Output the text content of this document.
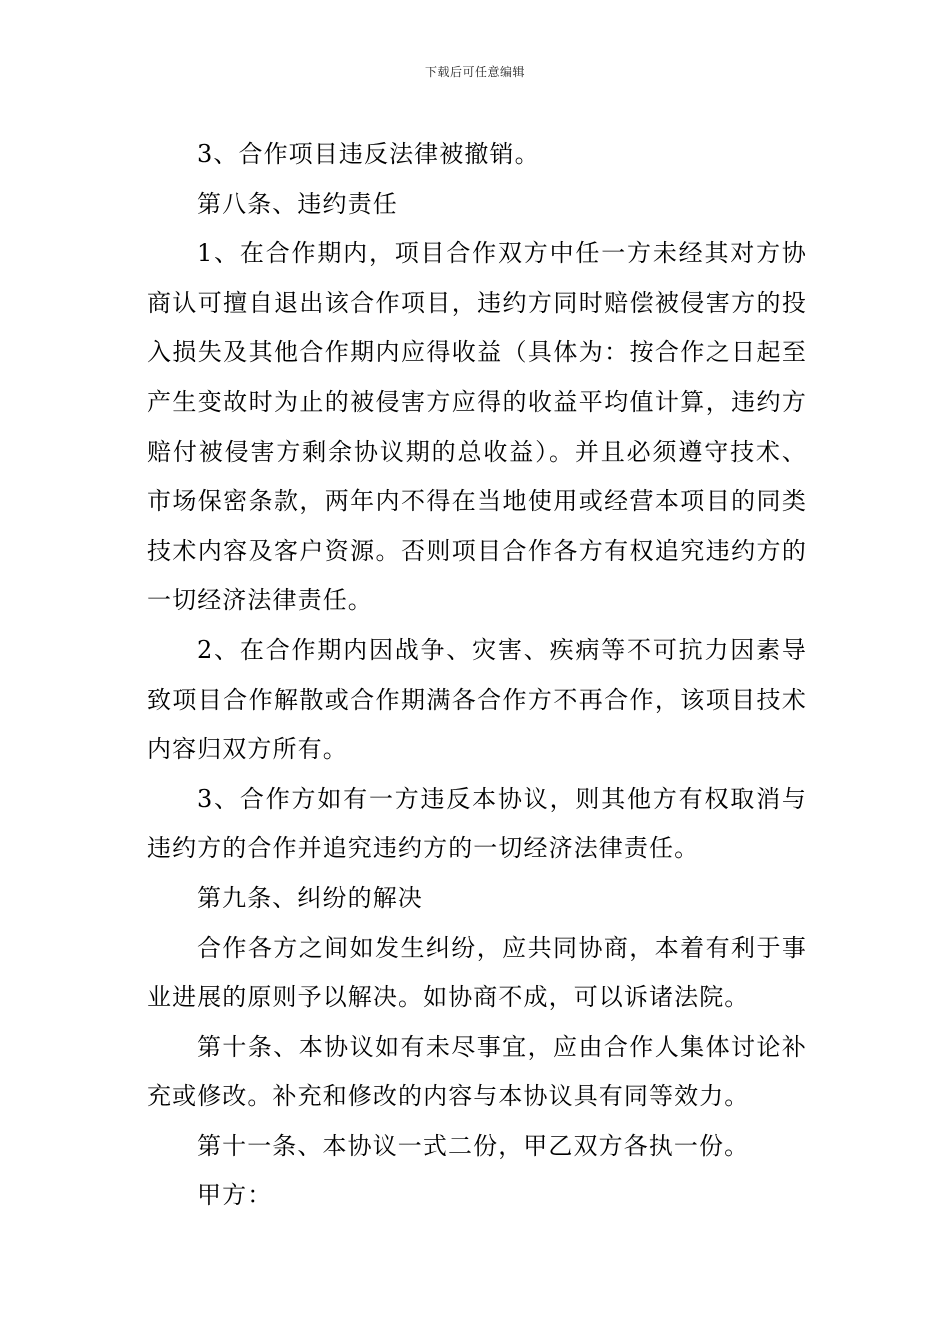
下载后可任意编辑

3、合作项目违反法律被撤销。

第八条、违约责任

1、在合作期内，项目合作双方中任一方未经其对方协商认可擅自退出该合作项目，违约方同时赔偿被侵害方的投入损失及其他合作期内应得收益（具体为：按合作之日起至产生变故时为止的被侵害方应得的收益平均值计算，违约方赔付被侵害方剩余协议期的总收益）。并且必须遵守技术、市场保密条款，两年内不得在当地使用或经营本项目的同类技术内容及客户资源。否则项目合作各方有权追究违约方的一切经济法律责任。

2、在合作期内因战争、灾害、疾病等不可抗力因素导致项目合作解散或合作期满各合作方不再合作，该项目技术内容归双方所有。

3、合作方如有一方违反本协议，则其他方有权取消与违约方的合作并追究违约方的一切经济法律责任。

第九条、纠纷的解决

合作各方之间如发生纠纷，应共同协商，本着有利于事业进展的原则予以解决。如协商不成，可以诉诸法院。

第十条、本协议如有未尽事宜，应由合作人集体讨论补充或修改。补充和修改的内容与本协议具有同等效力。

第十一条、本协议一式二份，甲乙双方各执一份。

甲方：
